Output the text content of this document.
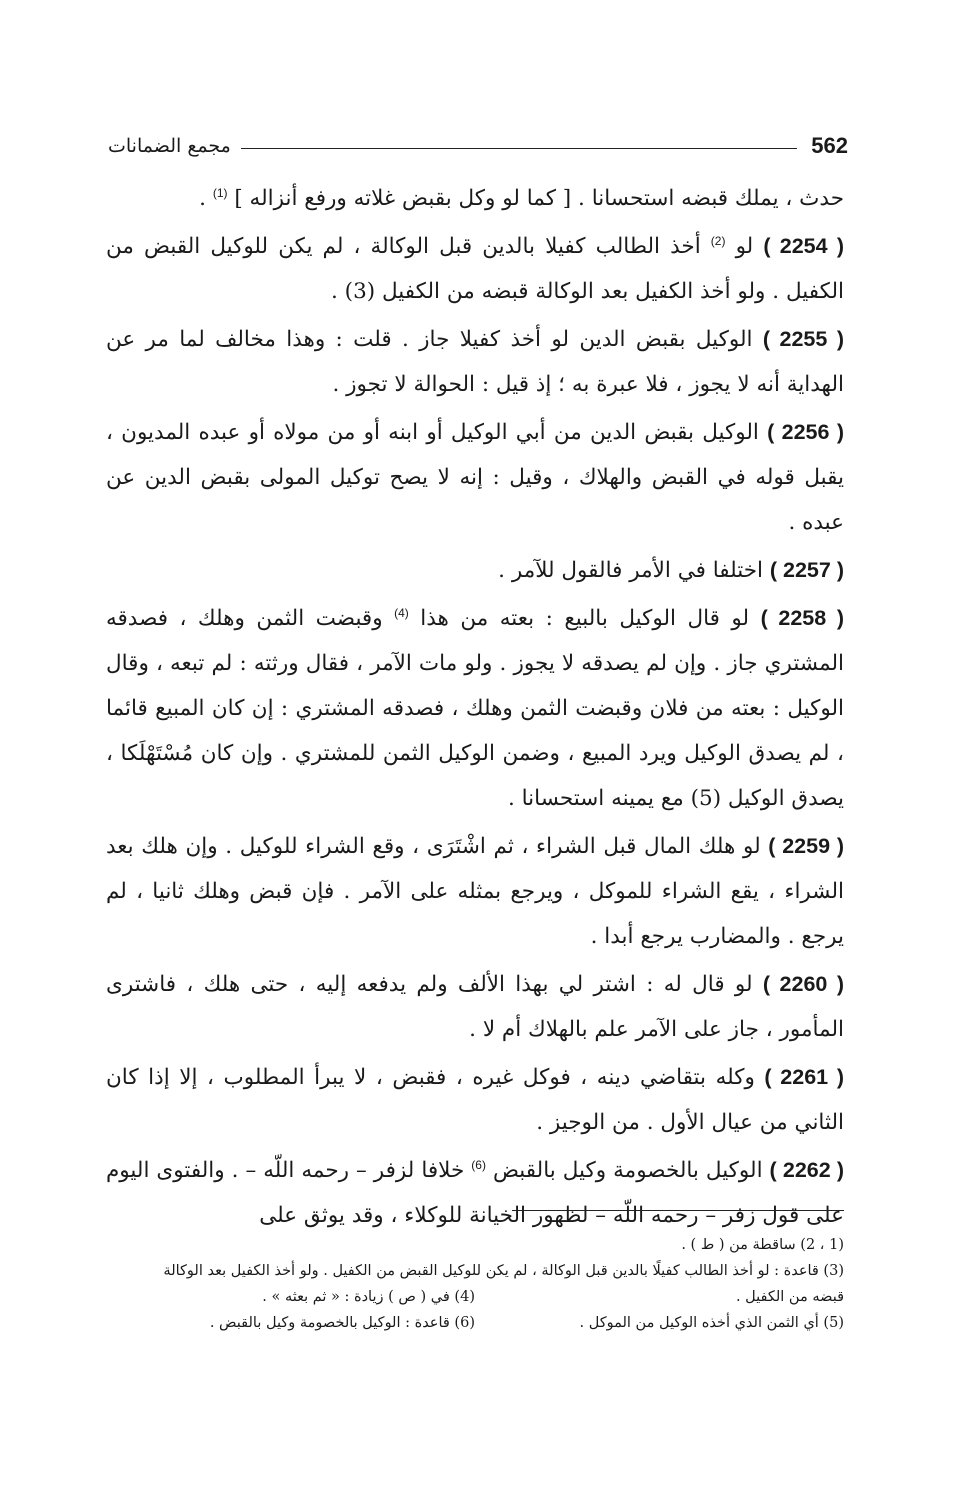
562
مجمع الضمانات

حدث ، يملك قبضه استحسانا . [ كما لو وكل بقبض غلاته ورفع أنزاله ] $^{(1)}$ .

( 2254 ) لو $^{(2)}$ أخذ الطالب كفيلا بالدين قبل الوكالة ، لم يكن للوكيل القبض من الكفيل . ولو أخذ الكفيل بعد الوكالة قبضه من الكفيل (3) .

( 2255 ) الوكيل بقبض الدين لو أخذ كفيلا جاز . قلت : وهذا مخالف لما مر عن الهداية أنه لا يجوز ، فلا عبرة به ؛ إذ قيل : الحوالة لا تجوز .

( 2256 ) الوكيل بقبض الدين من أبي الوكيل أو ابنه أو من مولاه أو عبده المديون ، يقبل قوله في القبض والهلاك ، وقيل : إنه لا يصح توكيل المولى بقبض الدين عن عبده .

( 2257 ) اختلفا في الأمر فالقول للآمر .

( 2258 ) لو قال الوكيل بالبيع : بعته من هذا $^{(4)}$ وقبضت الثمن وهلك ، فصدقه المشتري جاز . وإن لم يصدقه لا يجوز . ولو مات الآمر ، فقال ورثته : لم تبعه ، وقال الوكيل : بعته من فلان وقبضت الثمن وهلك ، فصدقه المشتري : إن كان المبيع قائما ، لم يصدق الوكيل ويرد المبيع ، وضمن الوكيل الثمن للمشتري . وإن كان مُسْتَهْلَكا ، يصدق الوكيل (5) مع يمينه استحسانا .

( 2259 ) لو هلك المال قبل الشراء ، ثم اشْتَرَى ، وقع الشراء للوكيل . وإن هلك بعد الشراء ، يقع الشراء للموكل ، ويرجع بمثله على الآمر . فإن قبض وهلك ثانيا ، لم يرجع . والمضارب يرجع أبدا .

( 2260 ) لو قال له : اشتر لي بهذا الألف ولم يدفعه إليه ، حتى هلك ، فاشترى المأمور ، جاز على الآمر علم بالهلاك أم لا .

( 2261 ) وكله بتقاضي دينه ، فوكل غيره ، فقبض ، لا يبرأ المطلوب ، إلا إذا كان الثاني من عيال الأول . من الوجيز .

( 2262 ) الوكيل بالخصومة وكيل بالقبض $^{(6)}$ خلافا لزفر – رحمه اللّه – . والفتوى اليوم على قول زفر – رحمه اللّه – لظهور الخيانة للوكلاء ، وقد يوثق على

(1 ، 2) ساقطة من ( ط ) .
(3) قاعدة : لو أخذ الطالب كفيلًا بالدين قبل الوكالة ، لم يكن للوكيل القبض من الكفيل . ولو أخذ الكفيل بعد الوكالة
قبضه من الكفيل .
(4) في ( ص ) زيادة : « ثم بعثه » .
(5) أي الثمن الذي أخذه الوكيل من الموكل .
(6) قاعدة : الوكيل بالخصومة وكيل بالقبض .
